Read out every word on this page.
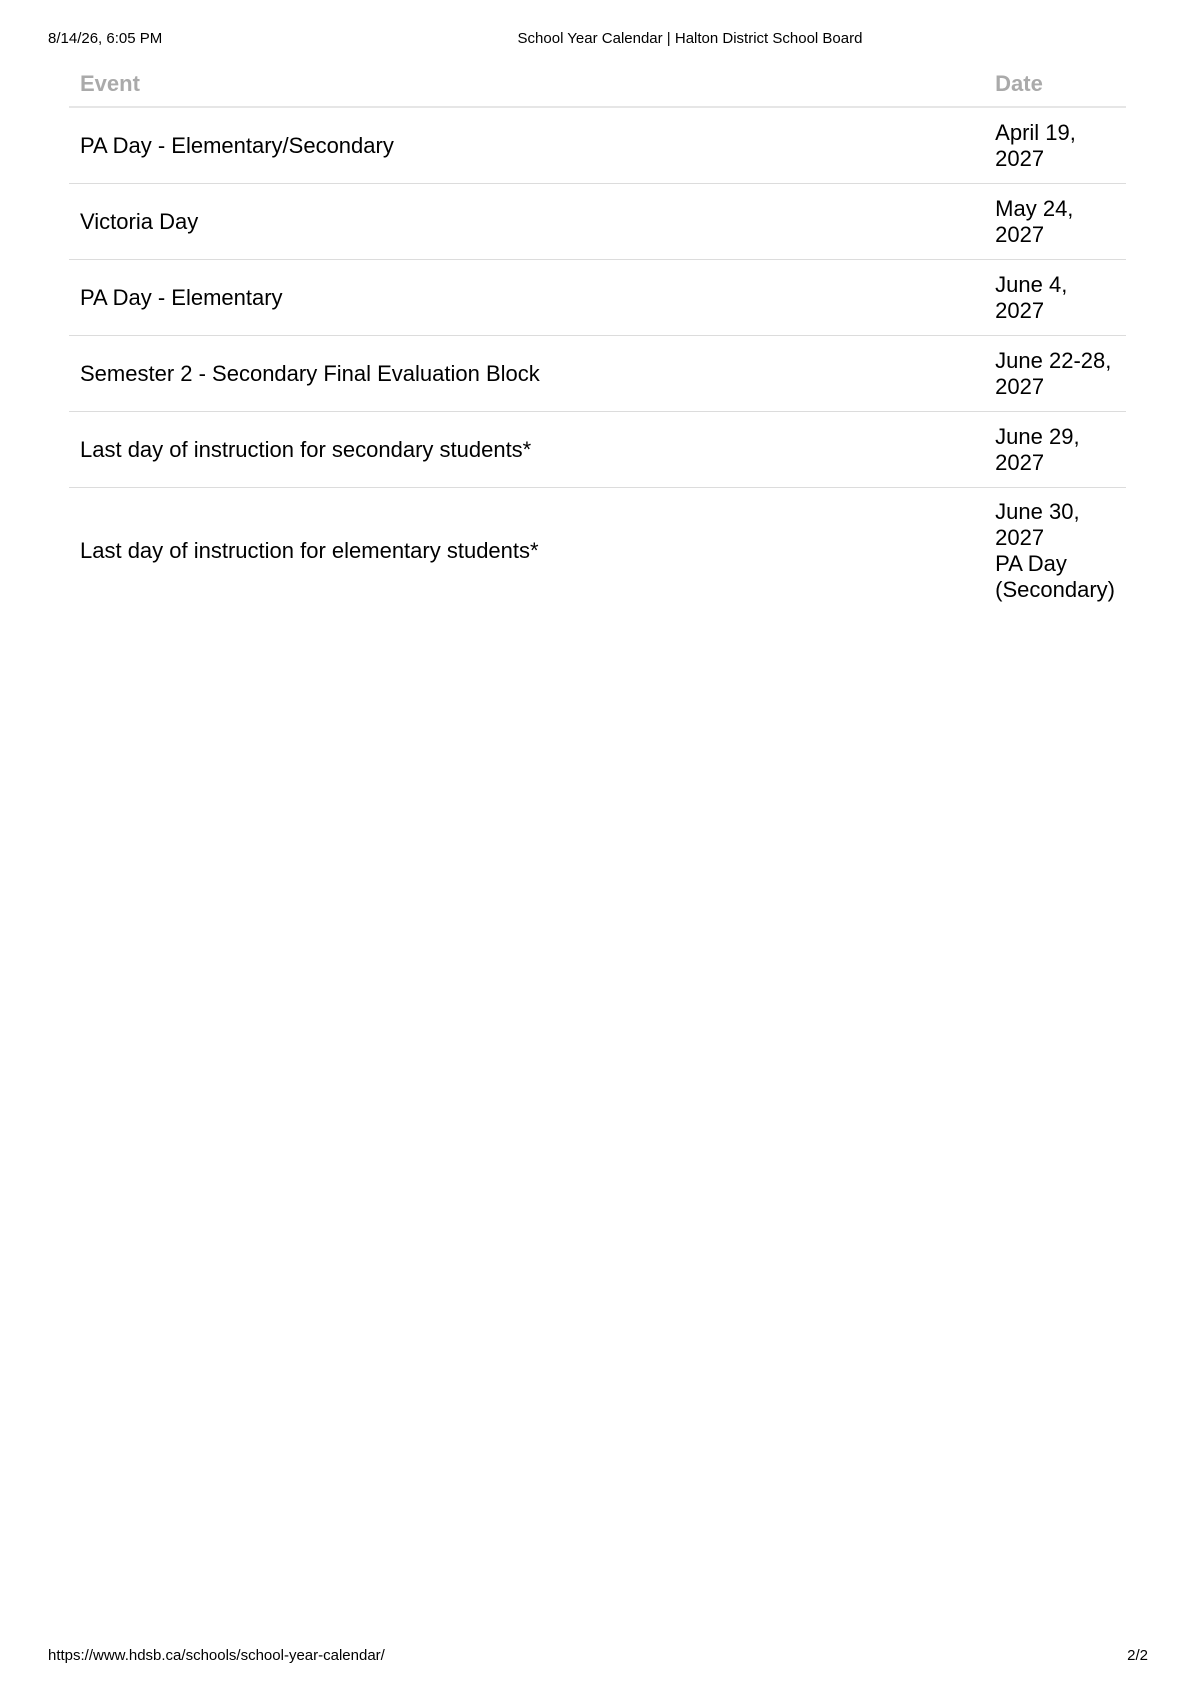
8/14/26, 6:05 PM	School Year Calendar | Halton District School Board
Event	Date
PA Day - Elementary/Secondary	April 19,
2027

Victoria Day	May 24,
2027

PA Day - Elementary	June 4,
2027

Semester 2 - Secondary Final Evaluation Block	June 22-28,
2027

Last day of instruction for secondary students*	June 29,
2027

Last day of instruction for elementary students*	June 30,
2027
PA Day
(Secondary)
https://www.hdsb.ca/schools/school-year-calendar/	2/2
